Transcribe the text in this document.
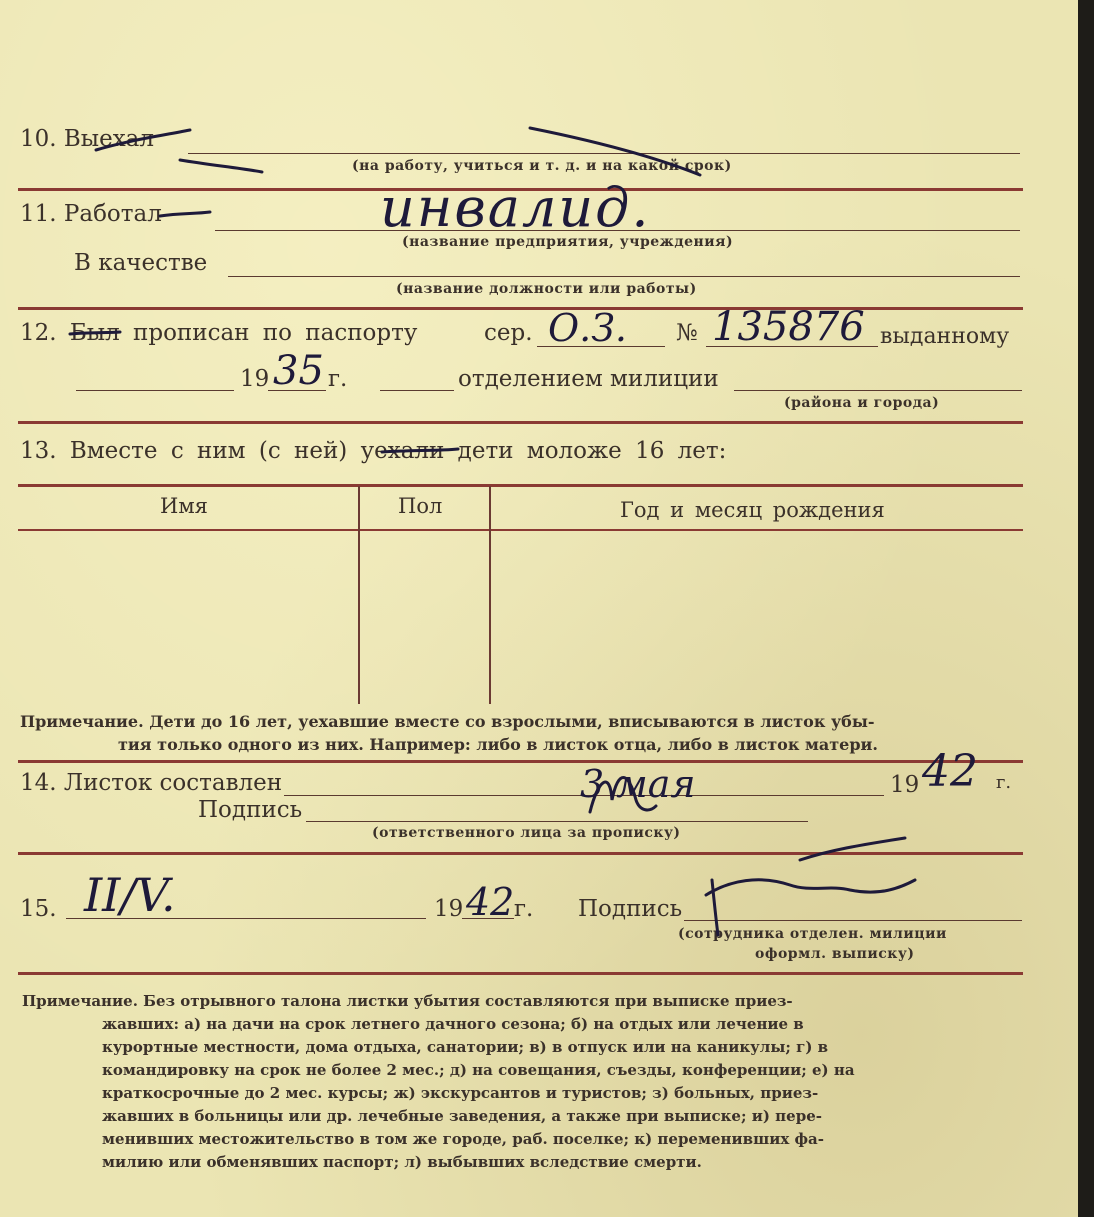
10. Выехал
(на работу, учиться и т. д. и на какой срок)
11. Работал	инвалид.
(название предприятия, учреждения)
В качестве
(название должности или работы)
12. Был прописан по паспорту	сер. О.З. № 135876 выданному
19 35 г.	отделением милиции
(района и города)
13. Вместе с ним (с ней) уехали дети моложе 16 лет:
Имя	Пол	Год и месяц рождения
Примечание. Дети до 16 лет, уехавшие вместе со взрослыми, вписываются в листок убы-
тия только одного из них. Например: либо в листок отца, либо в листок матери.
14. Листок составлен	3 мая	19 42 г.
Подпись
(ответственного лица за прописку)
15. II/V.	19 42 г. Подпись
(сотрудника отделен. милиции
оформл. выписку)
Примечание. Без отрывного талона листки убытия составляются при выписке приез-
жавших: а) на дачи на срок летнего дачного сезона; б) на отдых или лечение в
курортные местности, дома отдыха, санатории; в) в отпуск или на каникулы; г) в
командировку на срок не более 2 мес.; д) на совещания, съезды, конференции; е) на
краткосрочные до 2 мес. курсы; ж) экскурсантов и туристов; з) больных, приез-
жавших в больницы или др. лечебные заведения, а также при выписке; и) пере-
менивших местожительство в том же городе, раб. поселке; к) переменивших фа-
милию или обменявших паспорт; л) выбывших вследствие смерти.
